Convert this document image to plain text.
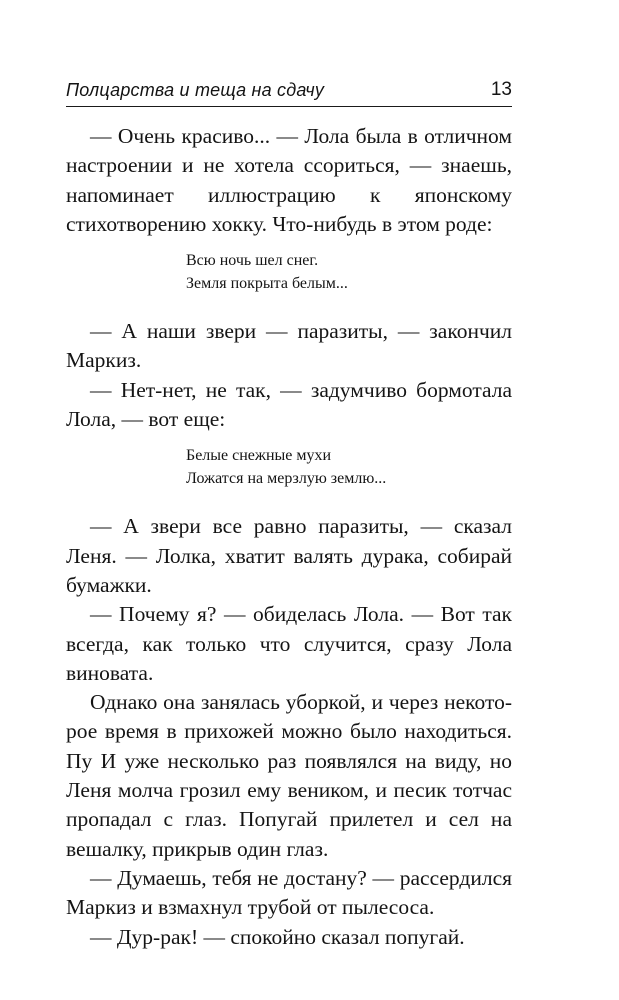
Полцарства и теща на сдачу	13

— Очень красиво... — Лола была в отличном настроении и не хотела ссориться, — знаешь, напоминает иллюстрацию к японскому стихотворению хокку. Что-нибудь в этом роде:

Всю ночь шел снег.
Земля покрыта белым...

— А наши звери — паразиты, — закончил Маркиз.

— Нет-нет, не так, — задумчиво бормотала Лола, — вот еще:

Белые снежные мухи
Ложатся на мерзлую землю...

— А звери все равно паразиты, — сказал Леня. — Лолка, хватит валять дурака, собирай бумажки.

— Почему я? — обиделась Лола. — Вот так всегда, как только что случится, сразу Лола виновата.

Однако она занялась уборкой, и через некоторое время в прихожей можно было находиться. Пу И уже несколько раз появлялся на виду, но Леня молча грозил ему веником, и песик тотчас пропадал с глаз. Попугай прилетел и сел на вешалку, прикрыв один глаз.

— Думаешь, тебя не достану? — рассердился Маркиз и взмахнул трубой от пылесоса.

— Дур-рак! — спокойно сказал попугай.
